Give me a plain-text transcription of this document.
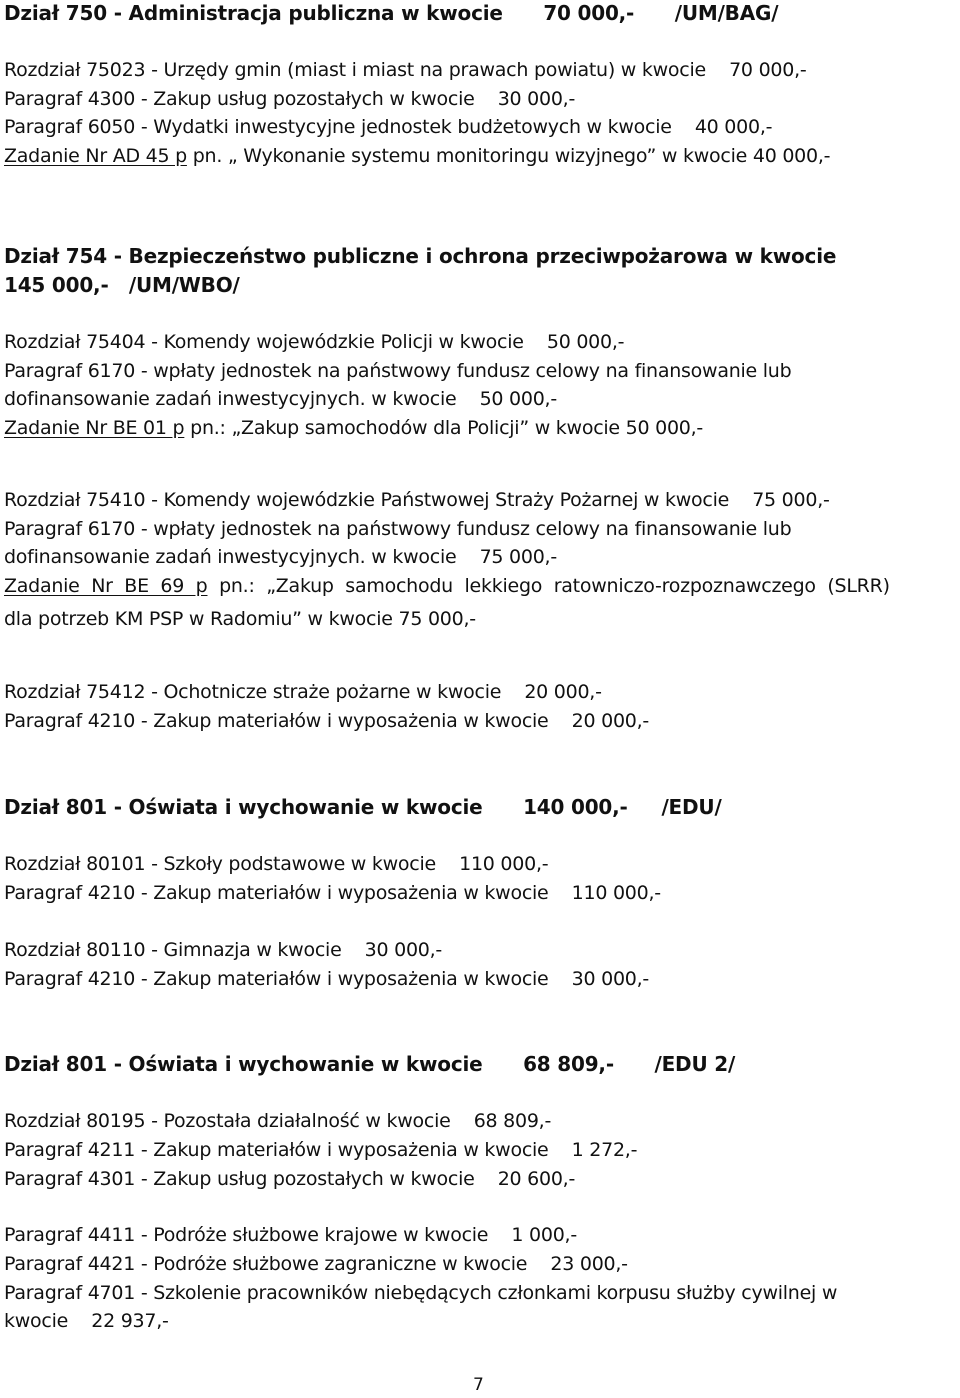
Dział 750 - Administracja publiczna w kwocie      70 000,-      /UM/BAG/
Rozdział 75023 - Urzędy gmin (miast i miast na prawach powiatu) w kwocie    70 000,-
Paragraf 4300 - Zakup usług pozostałych w kwocie    30 000,-
Paragraf 6050 - Wydatki inwestycyjne jednostek budżetowych w kwocie    40 000,-
Zadanie Nr AD 45 p pn. „ Wykonanie systemu monitoringu wizyjnego” w kwocie 40 000,-
Dział 754 - Bezpieczeństwo publiczne i ochrona przeciwpożarowa w kwocie
145 000,-   /UM/WBO/
Rozdział 75404 - Komendy wojewódzkie Policji w kwocie    50 000,-
Paragraf 6170 - wpłaty jednostek na państwowy fundusz celowy na finansowanie lub
dofinansowanie zadań inwestycyjnych. w kwocie    50 000,-
Zadanie Nr BE 01 p pn.: „Zakup samochodów dla Policji” w kwocie 50 000,-
Rozdział 75410 - Komendy wojewódzkie Państwowej Straży Pożarnej w kwocie    75 000,-
Paragraf 6170 - wpłaty jednostek na państwowy fundusz celowy na finansowanie lub
dofinansowanie zadań inwestycyjnych. w kwocie    75 000,-
Zadanie  Nr  BE  69  p  pn.:  „Zakup  samochodu  lekkiego  ratowniczo-rozpoznawczego  (SLRR)
dla potrzeb KM PSP w Radomiu” w kwocie 75 000,-
Rozdział 75412 - Ochotnicze straże pożarne w kwocie    20 000,-
Paragraf 4210 - Zakup materiałów i wyposażenia w kwocie    20 000,-
Dział 801 - Oświata i wychowanie w kwocie      140 000,-     /EDU/
Rozdział 80101 - Szkoły podstawowe w kwocie    110 000,-
Paragraf 4210 - Zakup materiałów i wyposażenia w kwocie    110 000,-
Rozdział 80110 - Gimnazja w kwocie    30 000,-
Paragraf 4210 - Zakup materiałów i wyposażenia w kwocie    30 000,-
Dział 801 - Oświata i wychowanie w kwocie      68 809,-      /EDU 2/
Rozdział 80195 - Pozostała działalność w kwocie    68 809,-
Paragraf 4211 - Zakup materiałów i wyposażenia w kwocie    1 272,-
Paragraf 4301 - Zakup usług pozostałych w kwocie    20 600,-
Paragraf 4411 - Podróże służbowe krajowe w kwocie    1 000,-
Paragraf 4421 - Podróże służbowe zagraniczne w kwocie    23 000,-
Paragraf 4701 - Szkolenie pracowników niebędących członkami korpusu służby cywilnej w
kwocie    22 937,-
7
